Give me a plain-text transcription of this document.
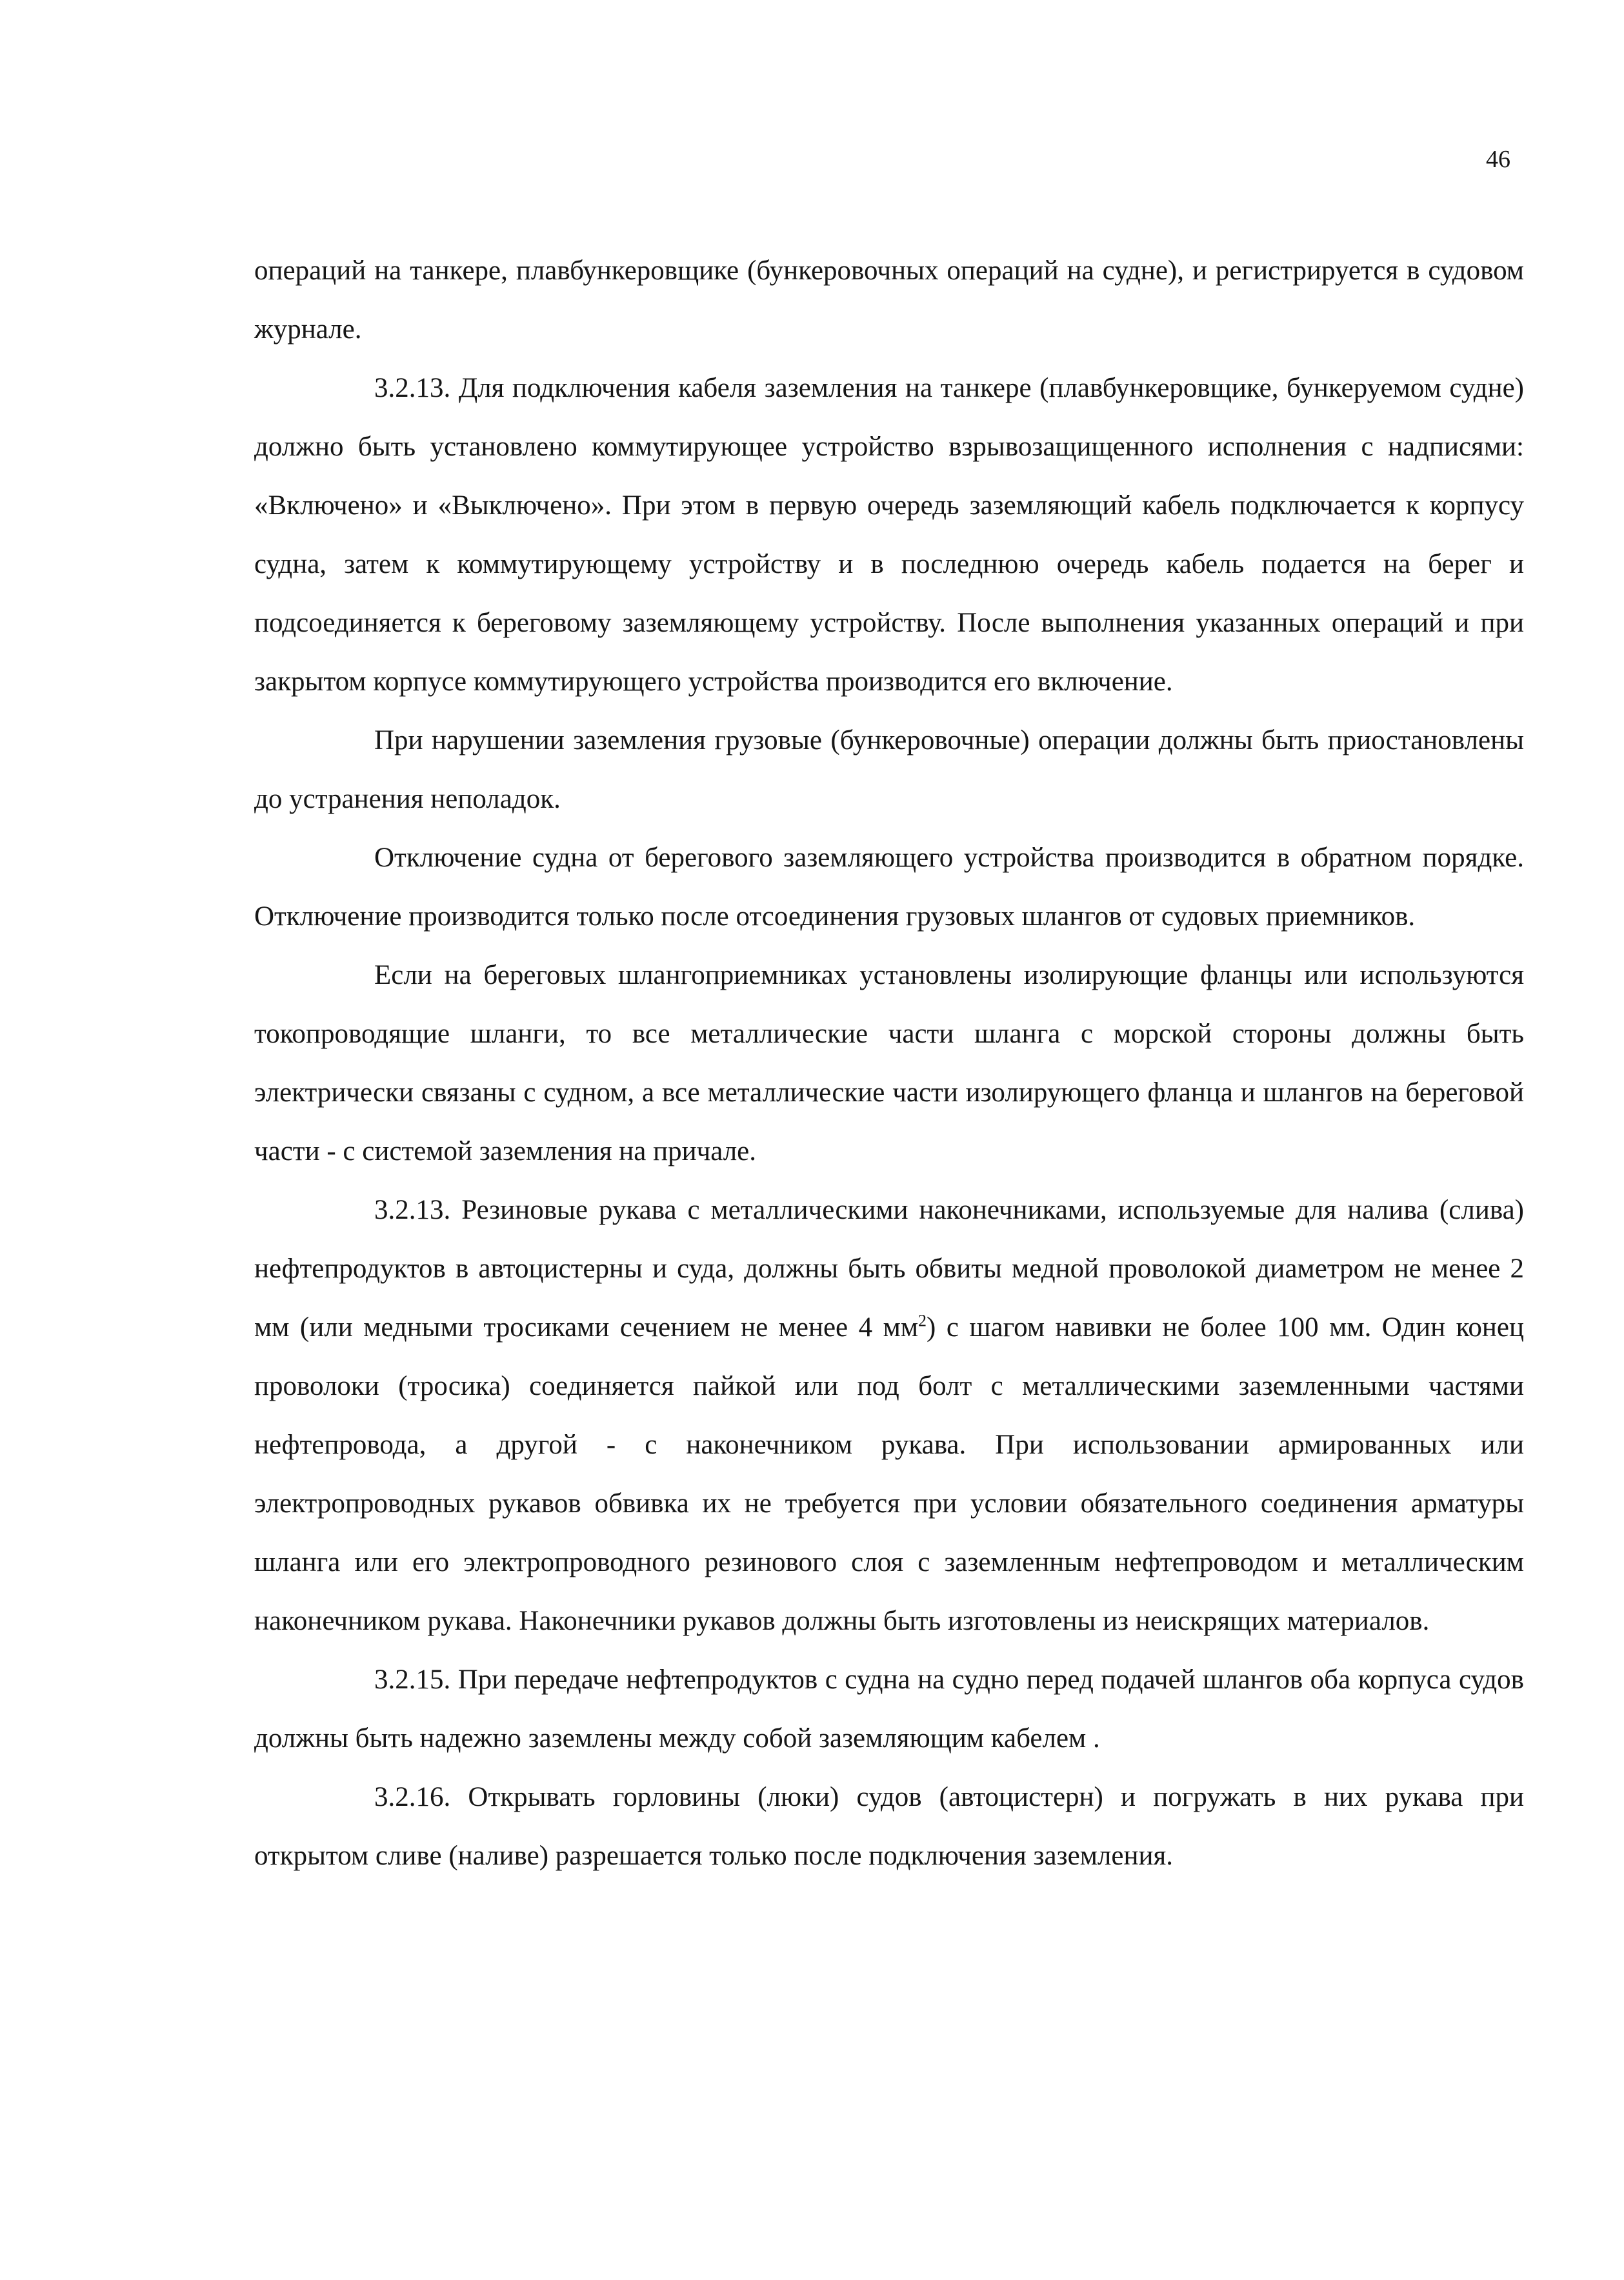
46

операций на танкере, плавбункеровщике (бункеровочных операций на судне), и регистрируется в судовом журнале.

3.2.13. Для подключения кабеля заземления на танкере (плавбункеровщике, бункеруемом судне) должно быть установлено коммутирующее устройство взрывозащищенного исполнения с надписями: «Включено» и «Выключено». При этом в первую очередь заземляющий кабель подключается к корпусу судна, затем к коммутирующему устройству и в последнюю очередь кабель подается на берег и подсоединяется к береговому заземляющему устройству. После выполнения указанных операций и при закрытом корпусе коммутирующего устройства производится его включение.

При нарушении заземления грузовые (бункеровочные) операции должны быть приостановлены до устранения неполадок.

Отключение судна от берегового заземляющего устройства производится в обратном порядке. Отключение производится только после отсоединения грузовых шлангов от судовых приемников.

Если на береговых шлангоприемниках установлены изолирующие фланцы или используются токопроводящие шланги, то все металлические части шланга с морской стороны должны быть электрически связаны с судном, а все металлические части изолирующего фланца и шлангов на береговой части - с системой заземления на причале.

3.2.13. Резиновые рукава с металлическими наконечниками, используемые для налива (слива) нефтепродуктов в автоцистерны и суда, должны быть обвиты медной проволокой диаметром не менее 2 мм (или медными тросиками сечением не менее 4 $мм^2$) с шагом навивки не более 100 мм. Один конец проволоки (тросика) соединяется пайкой или под болт с металлическими заземленными частями нефтепровода, а другой - с наконечником рукава. При использовании армированных или электропроводных рукавов обвивка их не требуется при условии обязательного соединения арматуры шланга или его электропроводного резинового слоя с заземленным нефтепроводом и металлическим наконечником рукава. Наконечники рукавов должны быть изготовлены из неискрящих материалов.

3.2.15. При передаче нефтепродуктов с судна на судно перед подачей шлангов оба корпуса судов должны быть надежно заземлены между собой заземляющим кабелем .

3.2.16. Открывать горловины (люки) судов (автоцистерн) и погружать в них рукава при открытом сливе (наливе) разрешается только после подключения заземления.
